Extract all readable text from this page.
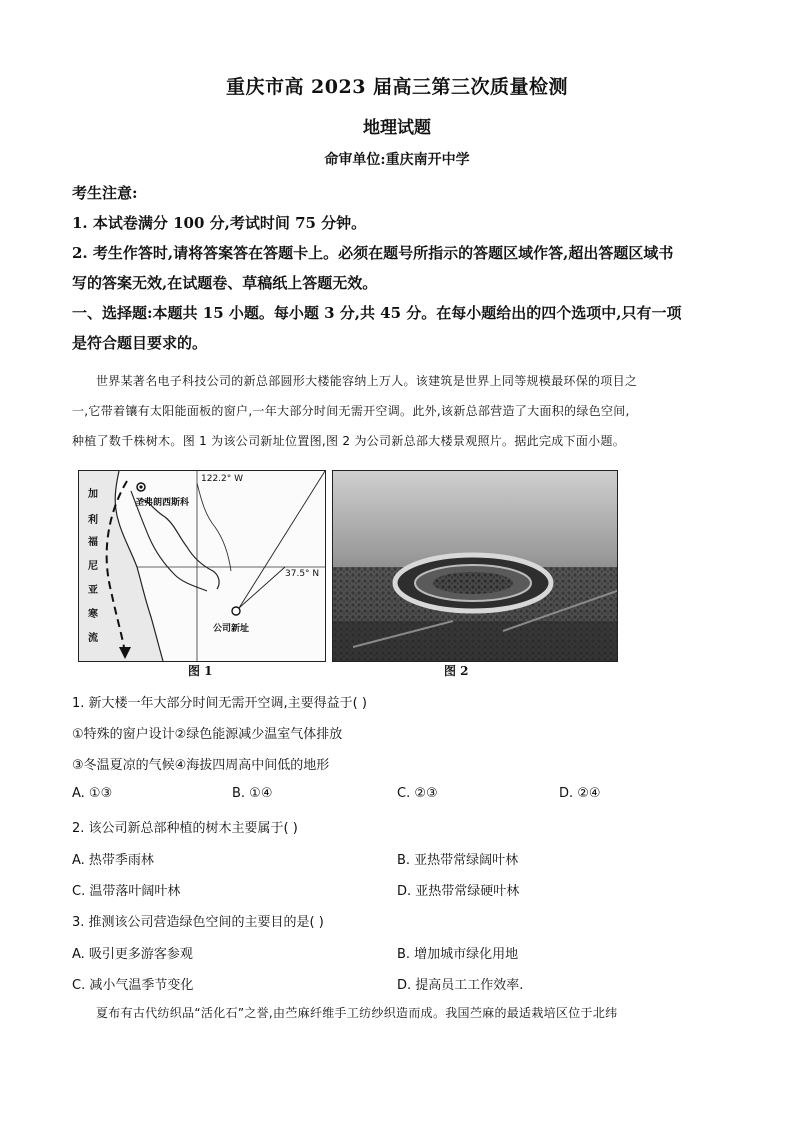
重庆市高 2023 届高三第三次质量检测
地理试题
命审单位:重庆南开中学

考生注意:

1. 本试卷满分 100 分,考试时间 75 分钟。

2. 考生作答时,请将答案答在答题卡上。必须在题号所指示的答题区域作答,超出答题区域书

写的答案无效,在试题卷、草稿纸上答题无效。

一、选择题:本题共 15 小题。每小题 3 分,共 45 分。在每小题给出的四个选项中,只有一项

是符合题目要求的。

世界某著名电子科技公司的新总部圆形大楼能容纳上万人。该建筑是世界上同等规模最环保的项目之

一,它带着镶有太阳能面板的窗户,一年大部分时间无需开空调。此外,该新总部营造了大面积的绿色空间,

种植了数千株树木。图 1 为该公司新址位置图,图 2 为公司新总部大楼景观照片。据此完成下面小题。

122.2° W
圣弗朗西斯科
37.5° N
公司新址
加
利
福
尼
亚
寒
流
图 1	图 2
1. 新大楼一年大部分时间无需开空调,主要得益于( )
①特殊的窗户设计②绿色能源减少温室气体排放
③冬温夏凉的气候④海拔四周高中间低的地形
A. ①③	B. ①④	C. ②③	D. ②④
2. 该公司新总部种植的树木主要属于( )
A. 热带季雨林	B. 亚热带常绿阔叶林
C. 温带落叶阔叶林	D. 亚热带常绿硬叶林
3. 推测该公司营造绿色空间的主要目的是( )
A. 吸引更多游客参观	B. 增加城市绿化用地
C. 减小气温季节变化	D. 提高员工工作效率.

夏布有古代纺织品“活化石”之誉,由苎麻纤维手工纺纱织造而成。我国苎麻的最适栽培区位于北纬
